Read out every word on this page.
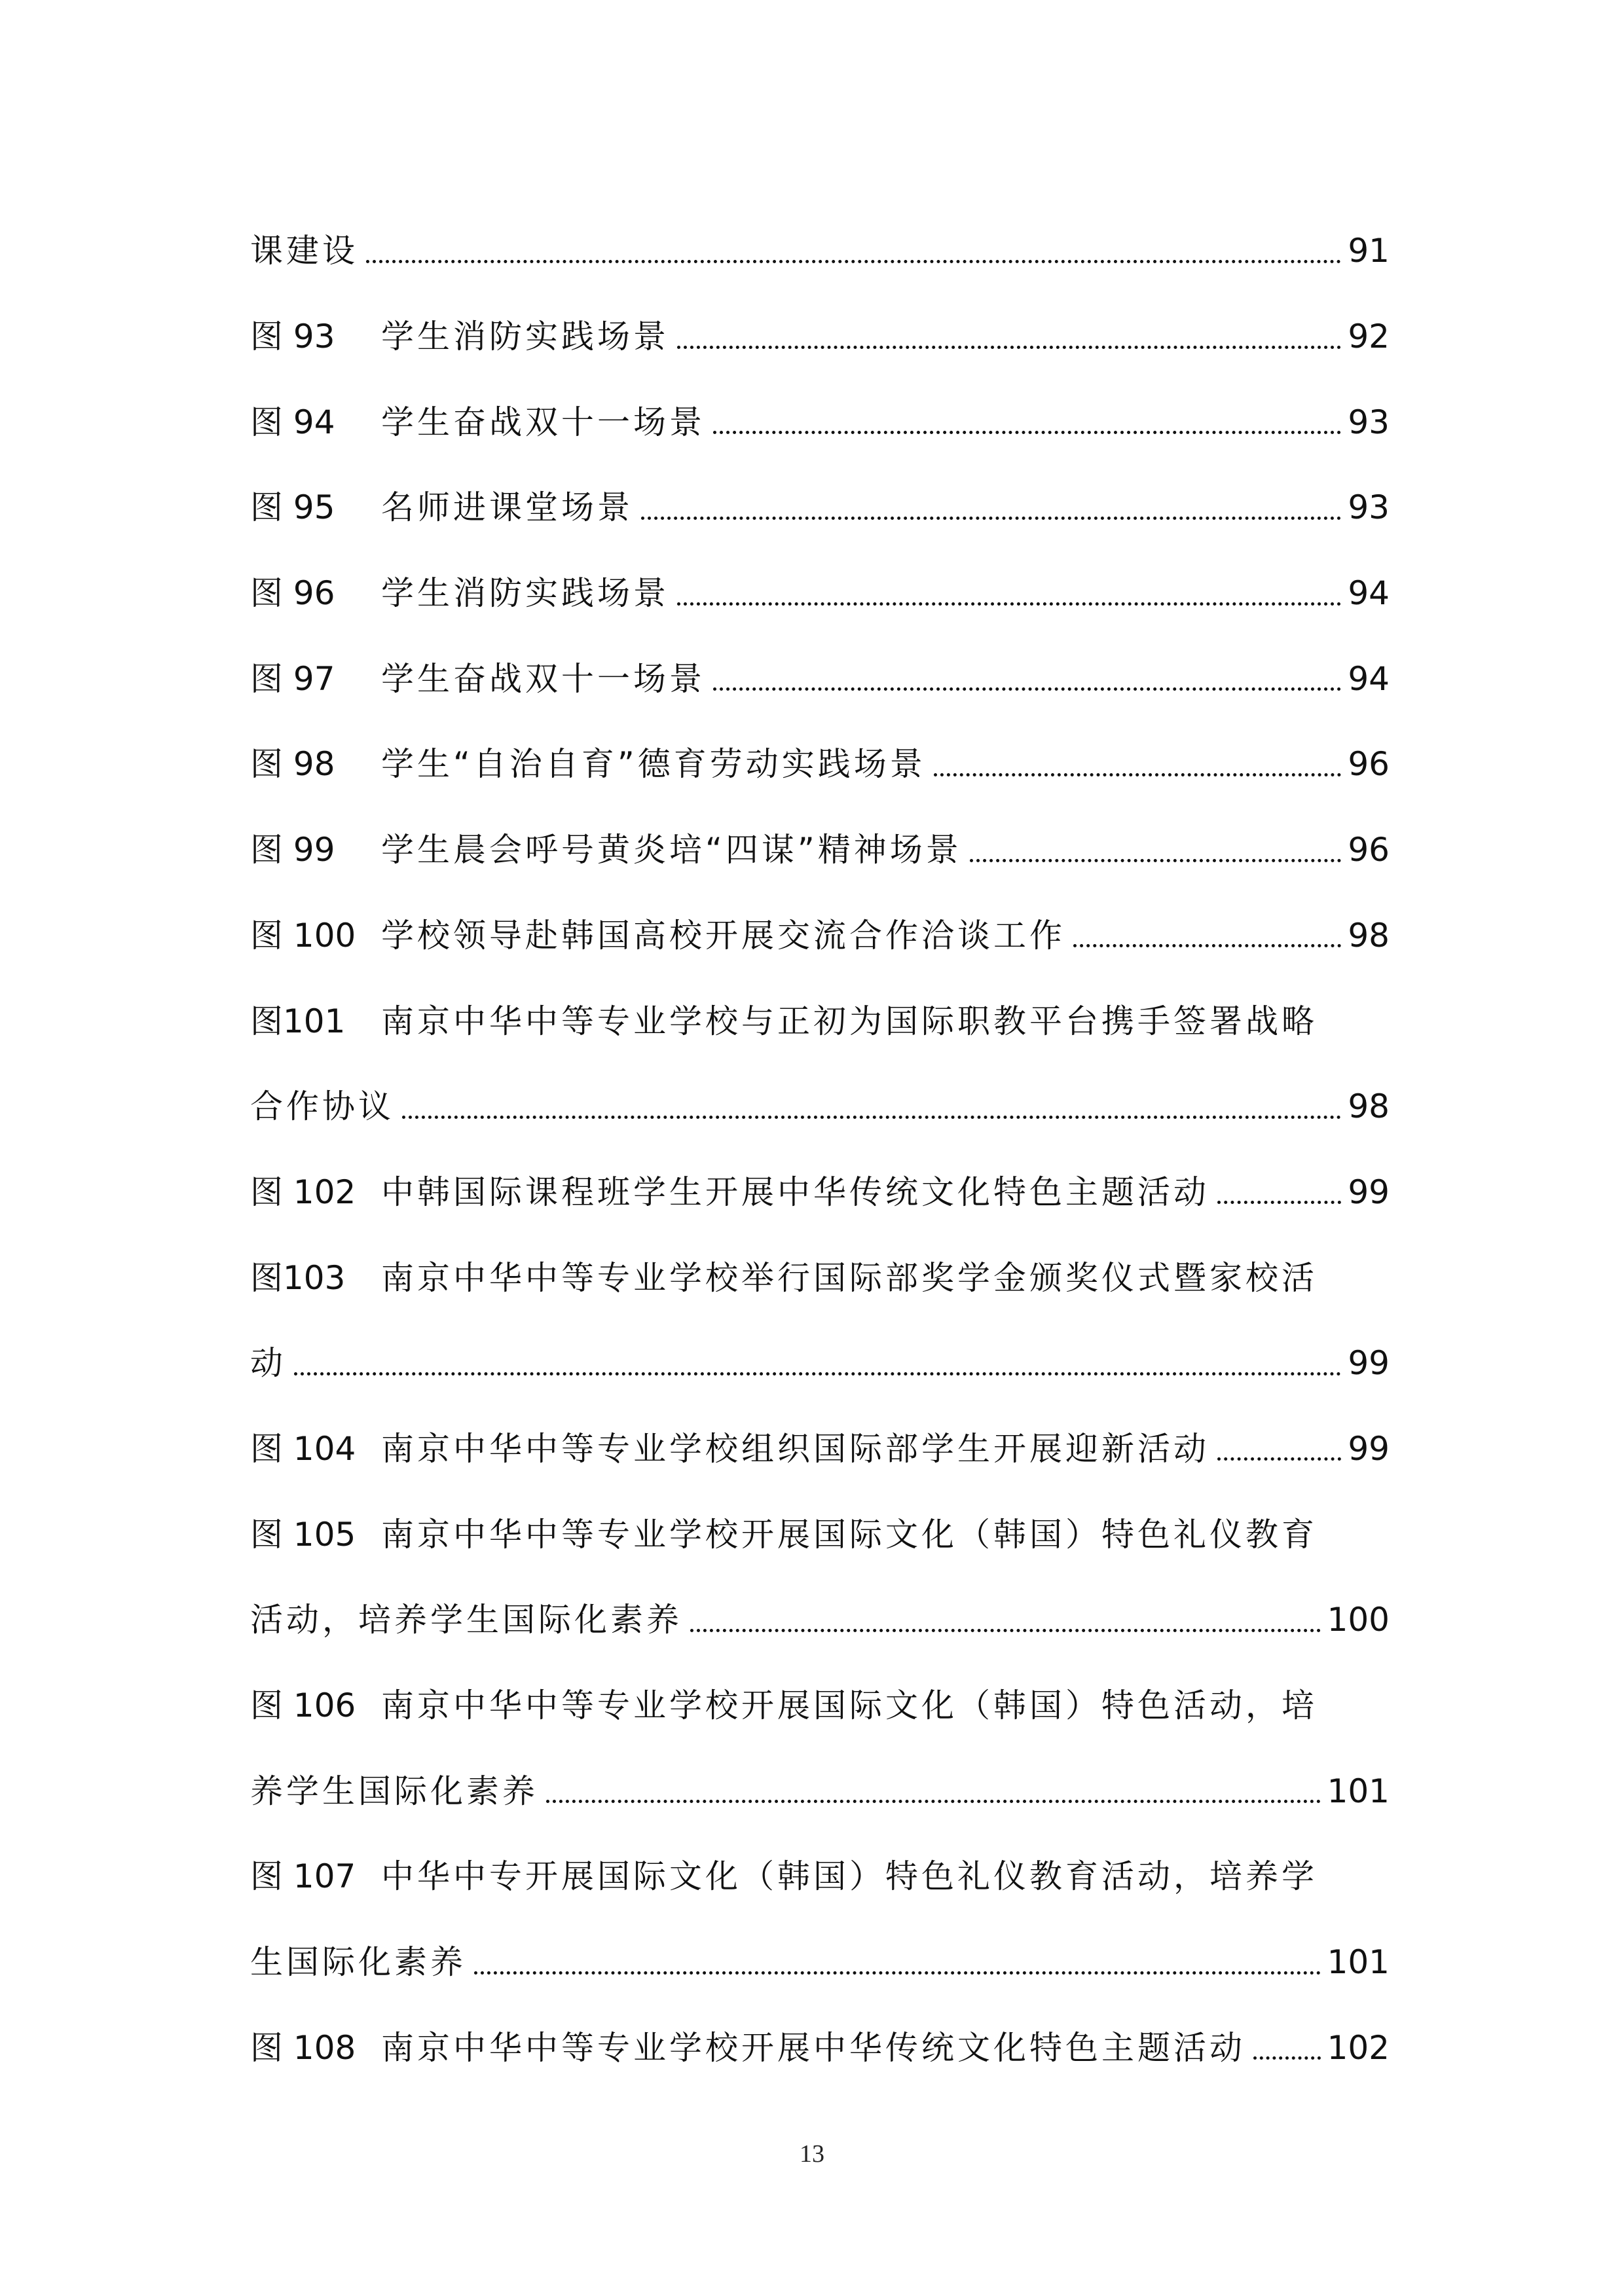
课建设	91
图 93	学生消防实践场景	92
图 94	学生奋战双十一场景	93
图 95	名师进课堂场景	93
图 96	学生消防实践场景	94
图 97	学生奋战双十一场景	94
图 98	学生“自治自育”德育劳动实践场景	96
图 99	学生晨会呼号黄炎培“四谋”精神场景	96
图 100 学校领导赴韩国高校开展交流合作洽谈工作	98
图101	南京中华中等专业学校与正初为国际职教平台携手签署战略
合作协议	98
图 102 中韩国际课程班学生开展中华传统文化特色主题活动	99
图103	南京中华中等专业学校举行国际部奖学金颁奖仪式暨家校活
动	99
图 104 南京中华中等专业学校组织国际部学生开展迎新活动	99
图 105 南京中华中等专业学校开展国际文化（韩国）特色礼仪教育
活动，培养学生国际化素养	100
图 106 南京中华中等专业学校开展国际文化（韩国）特色活动，培
养学生国际化素养	101
图 107 中华中专开展国际文化（韩国）特色礼仪教育活动，培养学
生国际化素养	101
图 108 南京中华中等专业学校开展中华传统文化特色主题活动 102
13
